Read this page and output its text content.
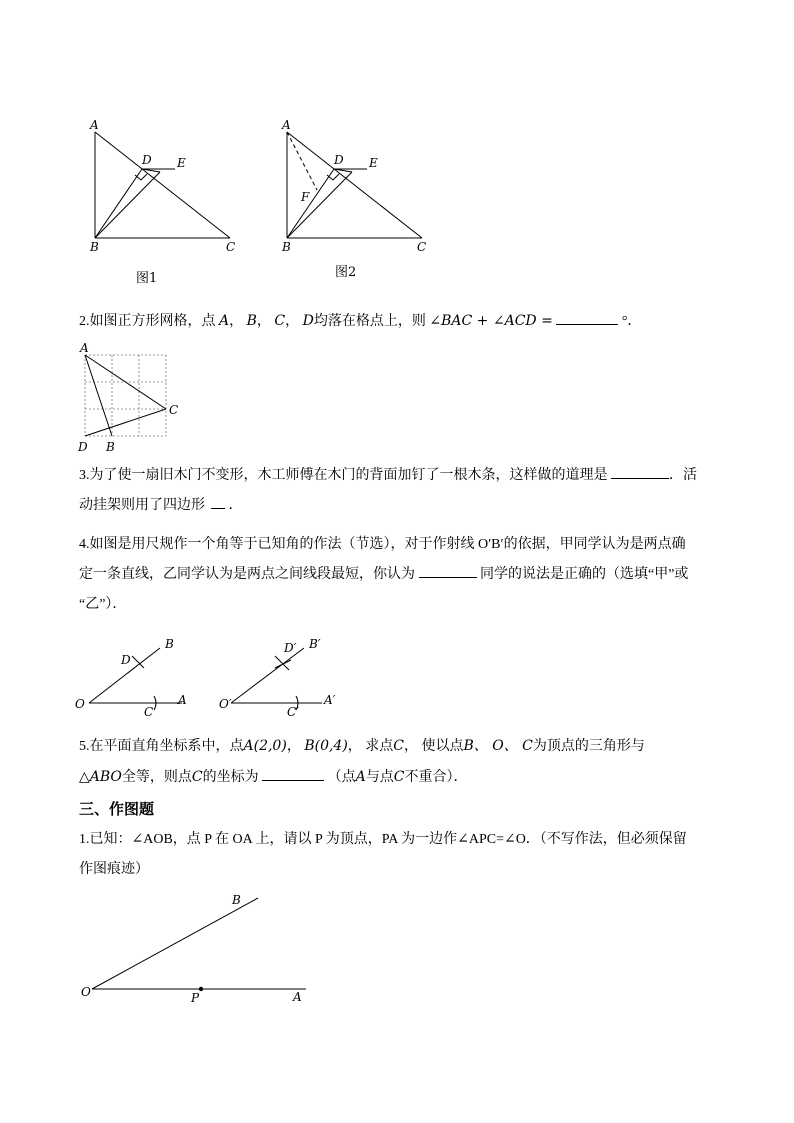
A
D E
B	C
图1
A
D E
F
B	C
图2
2.如图正方形网格，点 A， B， C， D均落在格点上，则 ∠BAC + ∠ACD =	°．
A
C
D B
3.为了使一扇旧木门不变形，木工师傅在木门的背面加钉了一根木条，这样做的道理是	．活
动挂架则用了四边形 ．
4.如图是用尺规作一个角等于已知角的作法（节选），对于作射线 O′B′的依据，甲同学认为是两点确
定一条直线，乙同学认为是两点之间线段最短，你认为	同学的说法是正确的（选填“甲”或
“乙”）．
O	A
B
C
D
O′	A′
B′
C′
D′
5.在平面直角坐标系中，点A(2,0)， B(0,4)， 求点C， 使以点B、 O、 C为顶点的三角形与
△ABO全等，则点C的坐标为	（点A与点C不重合）．
三、作图题
1.已知：∠AOB，点 P 在 OA 上，请以 P 为顶点，PA 为一边作∠APC=∠O．（不写作法，但必须保留
作图痕迹）
O	A
B
P
